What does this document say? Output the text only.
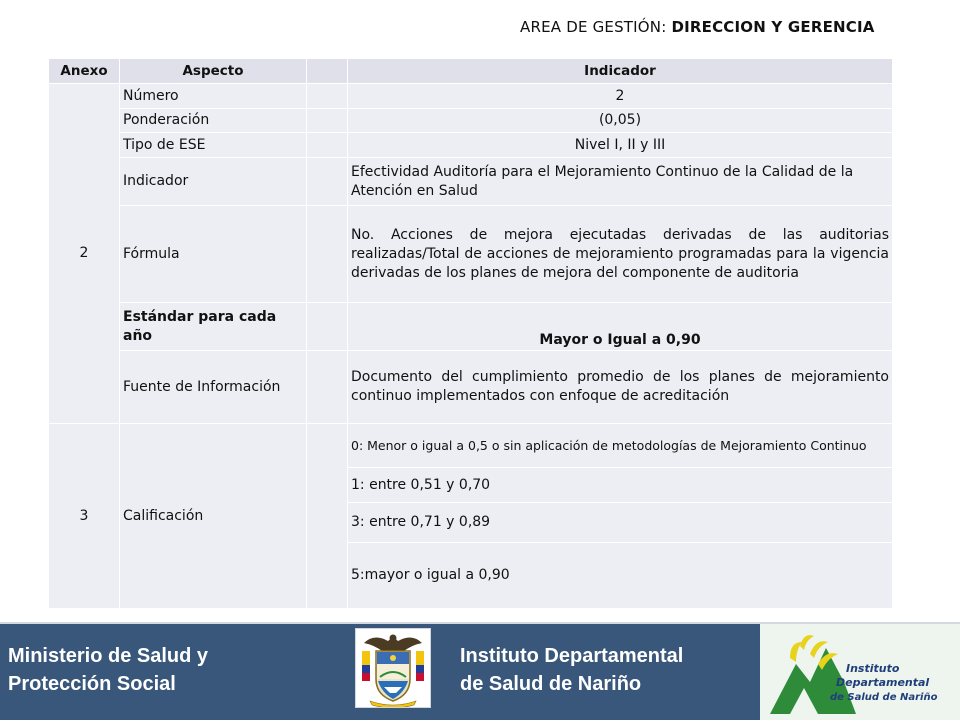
AREA DE GESTIÓN: DIRECCION Y GERENCIA
Anexo	Aspecto		Indicador
2	Número		2
	Ponderación		(0,05)
	Tipo de ESE		Nivel I, II y III
	Indicador		Efectividad Auditoría para el Mejoramiento Continuo de la Calidad de la Atención en Salud
	Fórmula		No. Acciones de mejora ejecutadas derivadas de las auditorias realizadas/Total de acciones de mejoramiento programadas para la vigencia derivadas de los planes de mejora del componente de auditoria
	Estándar para cada año		Mayor o Igual a 0,90
	Fuente de Información		Documento del cumplimiento promedio de los planes de mejoramiento continuo implementados con enfoque de acreditación
3	Calificación		0: Menor o igual a 0,5 o sin aplicación de metodologías de Mejoramiento Continuo
			1: entre 0,51 y 0,70
			3: entre 0,71 y 0,89
			5:mayor o igual a 0,90
Ministerio de Salud y
Protección Social
Instituto Departamental
de Salud de Nariño
Instituto
Departamental
de Salud de Nariño
